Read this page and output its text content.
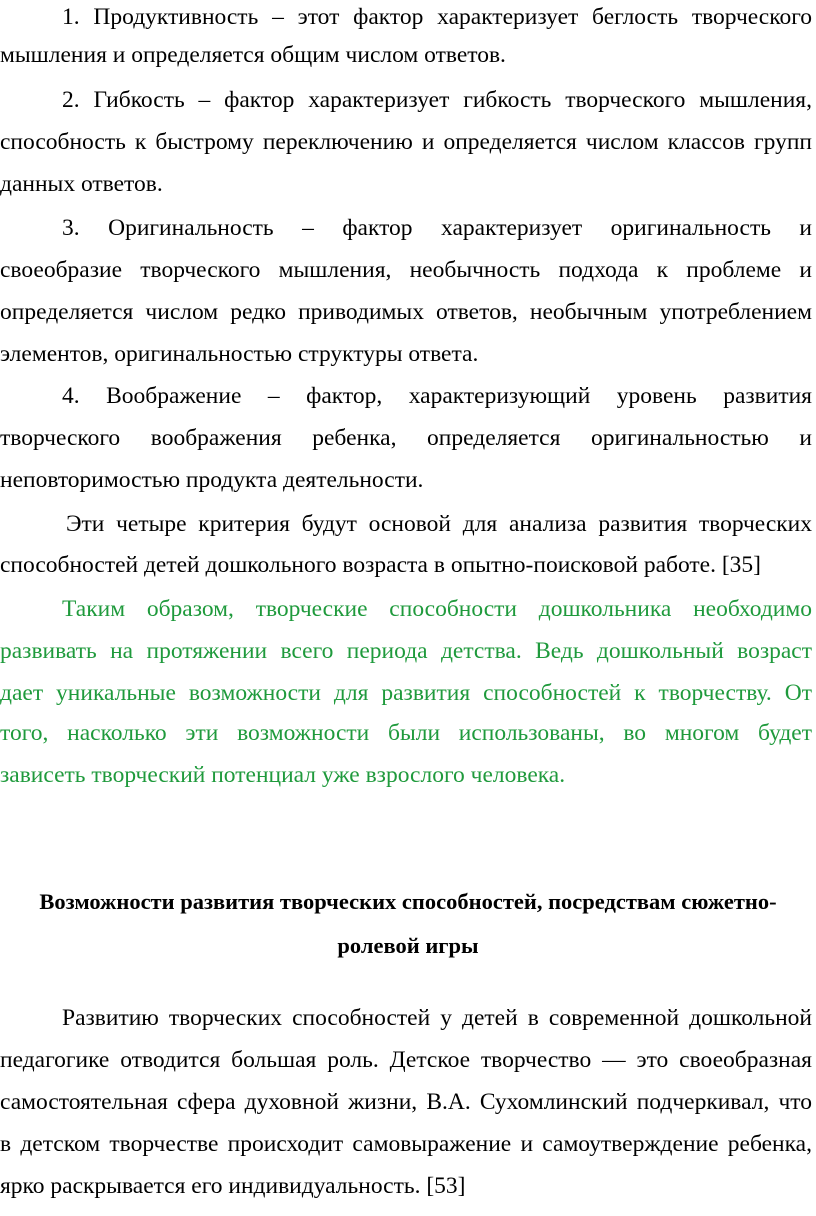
1. Продуктивность – этот фактор характеризует беглость творческого
мышления и определяется общим числом ответов.
2. Гибкость – фактор характеризует гибкость творческого мышления,
способность к быстрому переключению и определяется числом классов групп
данных ответов.
3. Оригинальность – фактор характеризует оригинальность и
своеобразие творческого мышления, необычность подхода к проблеме и
определяется числом редко приводимых ответов, необычным употреблением
элементов, оригинальностью структуры ответа.
4. Воображение – фактор, характеризующий уровень развития
творческого воображения ребенка, определяется оригинальностью и
неповторимостью продукта деятельности.
Эти четыре критерия будут основой для анализа развития творческих
способностей детей дошкольного возраста в опытно-поисковой работе. [35]
Таким образом, творческие способности дошкольника необходимо
развивать на протяжении всего периода детства. Ведь дошкольный возраст
дает уникальные возможности для развития способностей к творчеству. От
того, насколько эти возможности были использованы, во многом будет
зависеть творческий потенциал уже взрослого человека.
Возможности развития творческих способностей, посредствам сюжетно-
ролевой игры
Развитию творческих способностей у детей в современной дошкольной
педагогике отводится большая роль. Детское творчество — это своеобразная
самостоятельная сфера духовной жизни, В.А. Сухомлинский подчеркивал, что
в детском творчестве происходит самовыражение и самоутверждение ребенка,
ярко раскрывается его индивидуальность. [53]
